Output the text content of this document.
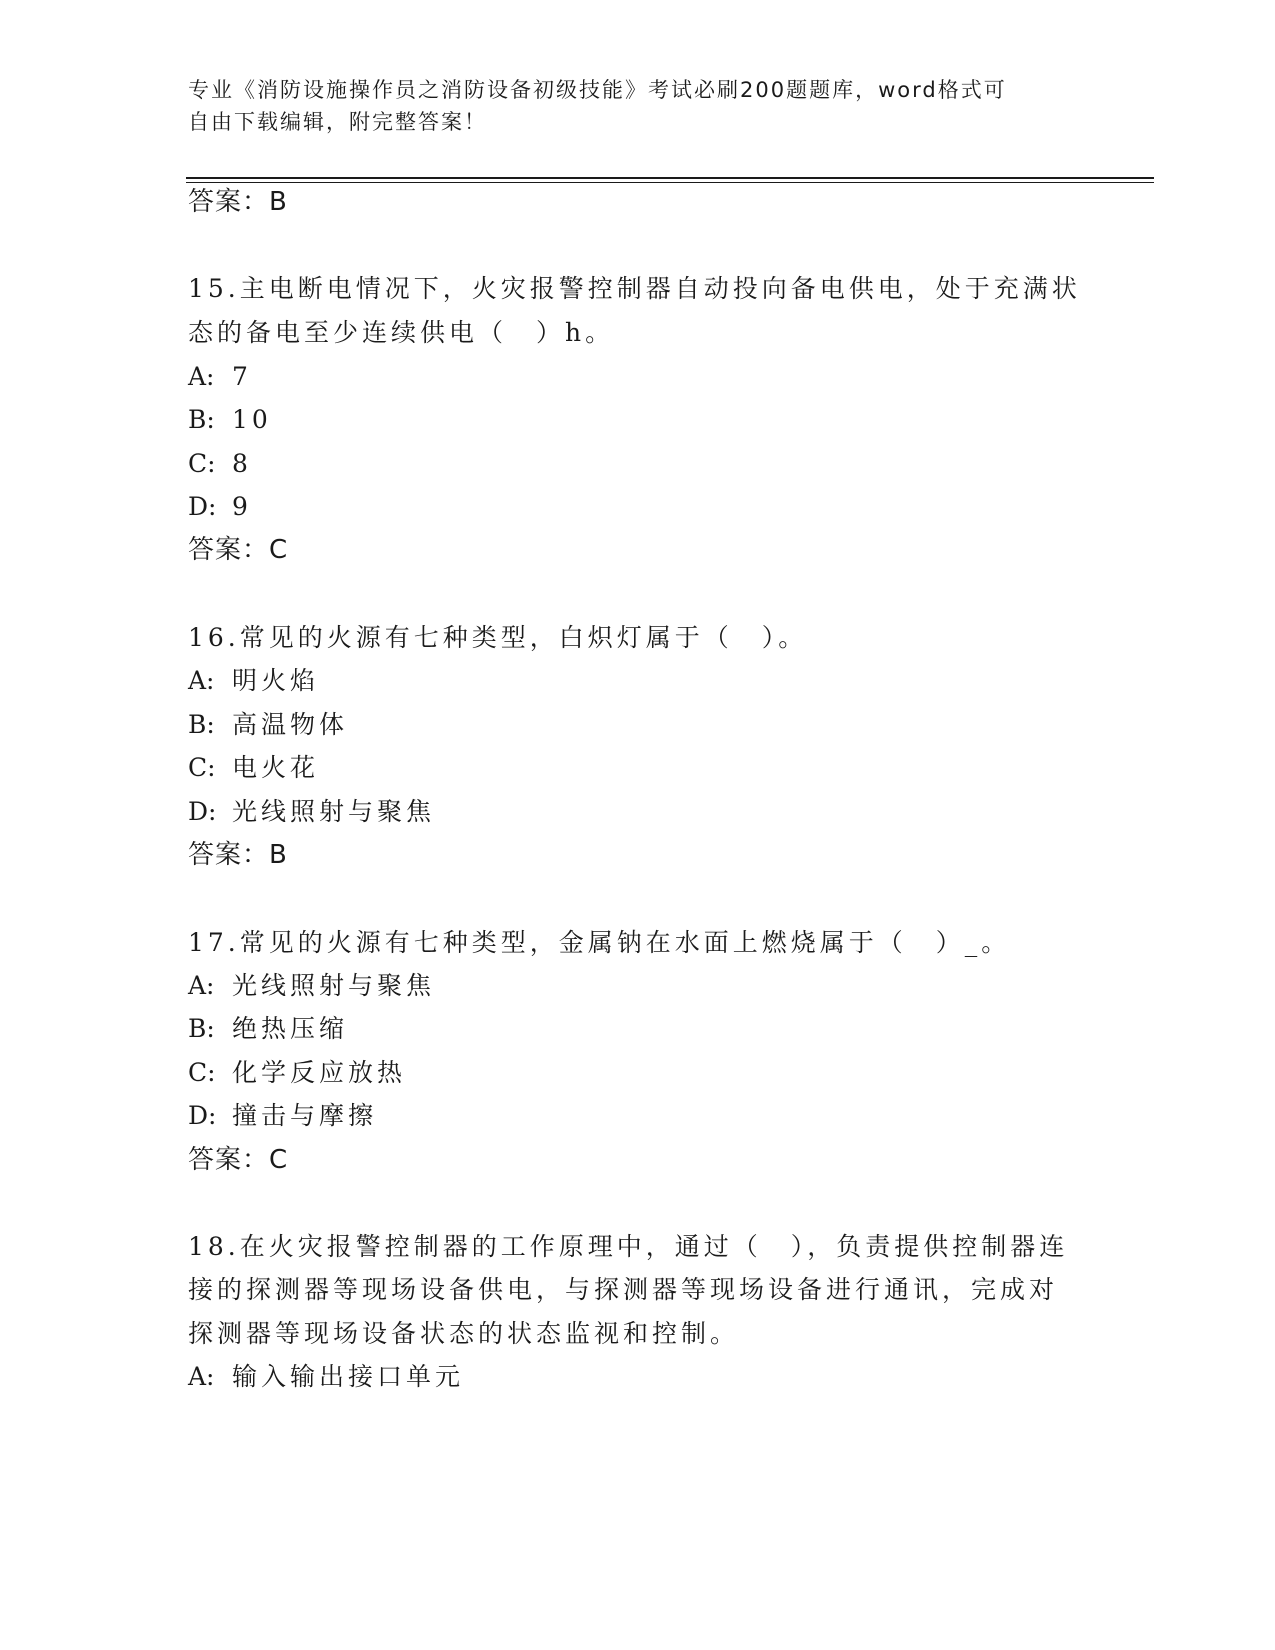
专业《消防设施操作员之消防设备初级技能》考试必刷200题题库，word格式可
自由下载编辑，附完整答案！
答案：B
15.主电断电情况下，火灾报警控制器自动投向备电供电，处于充满状
态的备电至少连续供电（　）h。
A: 7
B: 10
C: 8
D: 9
答案：C
16.常见的火源有七种类型，白炽灯属于（　）。
A: 明火焰
B: 高温物体
C: 电火花
D: 光线照射与聚焦
答案：B
17.常见的火源有七种类型，金属钠在水面上燃烧属于（　）_。
A: 光线照射与聚焦
B: 绝热压缩
C: 化学反应放热
D: 撞击与摩擦
答案：C
18.在火灾报警控制器的工作原理中，通过（　），负责提供控制器连
接的探测器等现场设备供电，与探测器等现场设备进行通讯，完成对
探测器等现场设备状态的状态监视和控制。
A: 输入输出接口单元
